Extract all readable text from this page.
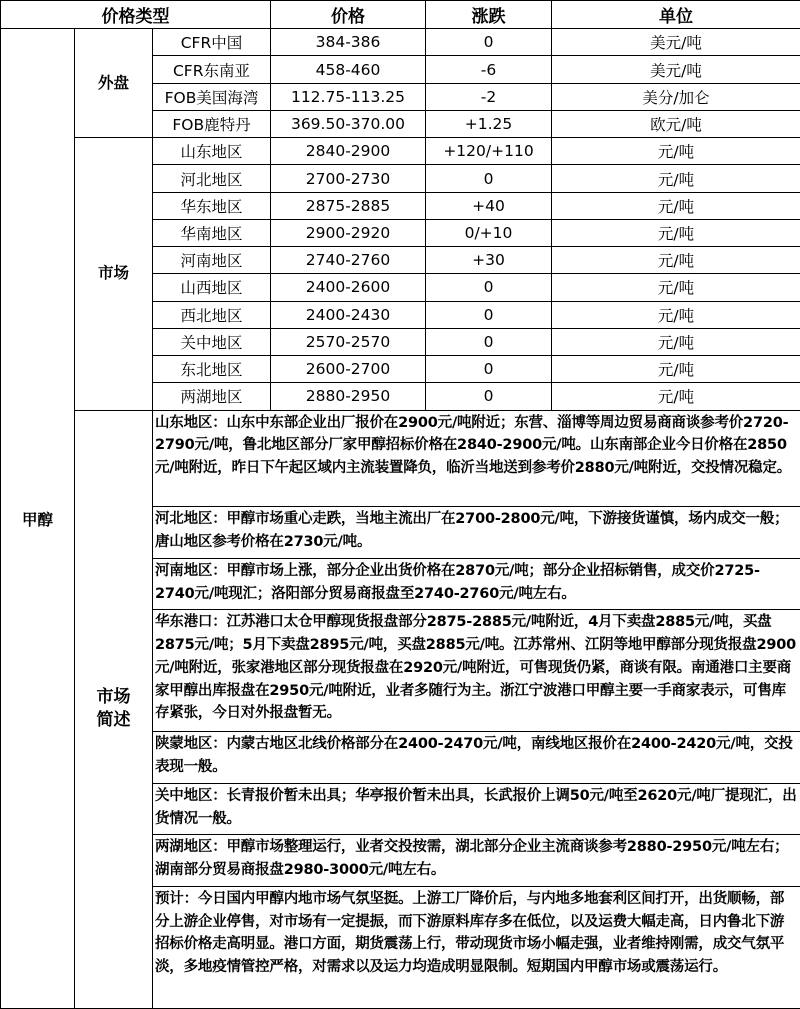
价格类型			价格	涨跌	单位
甲醇	外盘	CFR中国	384-386	0	美元/吨
		CFR东南亚	458-460	-6	美元/吨
		FOB美国海湾	112.75-113.25	-2	美分/加仑
		FOB鹿特丹	369.50-370.00	+1.25	欧元/吨
	市场	山东地区	2840-2900	+120/+110	元/吨
		河北地区	2700-2730	0	元/吨
		华东地区	2875-2885	+40	元/吨
		华南地区	2900-2920	0/+10	元/吨
		河南地区	2740-2760	+30	元/吨
		山西地区	2400-2600	0	元/吨
		西北地区	2400-2430	0	元/吨
		关中地区	2570-2570	0	元/吨
		东北地区	2600-2700	0	元/吨
		两湖地区	2880-2950	0	元/吨
	市场
简述	山东地区：山东中东部企业出厂报价在2900元/吨附近；东营、淄博等周边贸易商商谈参考价2720-2790元/吨，鲁北地区部分厂家甲醇招标价格在2840-2900元/吨。山东南部企业今日价格在2850元/吨附近，昨日下午起区域内主流装置降负，临沂当地送到参考价2880元/吨附近，交投情况稳定。			
		河北地区：甲醇市场重心走跌，当地主流出厂在2700-2800元/吨，下游接货谨慎，场内成交一般；唐山地区参考价格在2730元/吨。			
		河南地区：甲醇市场上涨，部分企业出货价格在2870元/吨；部分企业招标销售，成交价2725-2740元/吨现汇；洛阳部分贸易商报盘至2740-2760元/吨左右。			
		华东港口：江苏港口太仓甲醇现货报盘部分2875-2885元/吨附近，4月下卖盘2885元/吨，买盘2875元/吨；5月下卖盘2895元/吨，买盘2885元/吨。江苏常州、江阴等地甲醇部分现货报盘2900元/吨附近，张家港地区部分现货报盘在2920元/吨附近，可售现货仍紧，商谈有限。南通港口主要商家甲醇出库报盘在2950元/吨附近，业者多随行为主。浙江宁波港口甲醇主要一手商家表示，可售库存紧张，今日对外报盘暂无。			
		陕蒙地区：内蒙古地区北线价格部分在2400-2470元/吨，南线地区报价在2400-2420元/吨，交投表现一般。			
		关中地区：长青报价暂未出具；华亭报价暂未出具，长武报价上调50元/吨至2620元/吨厂提现汇，出货情况一般。			
		两湖地区：甲醇市场整理运行，业者交投按需，湖北部分企业主流商谈参考2880-2950元/吨左右；湖南部分贸易商报盘2980-3000元/吨左右。			
		预计：今日国内甲醇内地市场气氛坚挺。上游工厂降价后，与内地多地套利区间打开，出货顺畅，部分上游企业停售，对市场有一定提振，而下游原料库存多在低位，以及运费大幅走高，日内鲁北下游招标价格走高明显。港口方面，期货震荡上行，带动现货市场小幅走强，业者维持刚需，成交气氛平淡，多地疫情管控严格，对需求以及运力均造成明显限制。短期国内甲醇市场或震荡运行。			
